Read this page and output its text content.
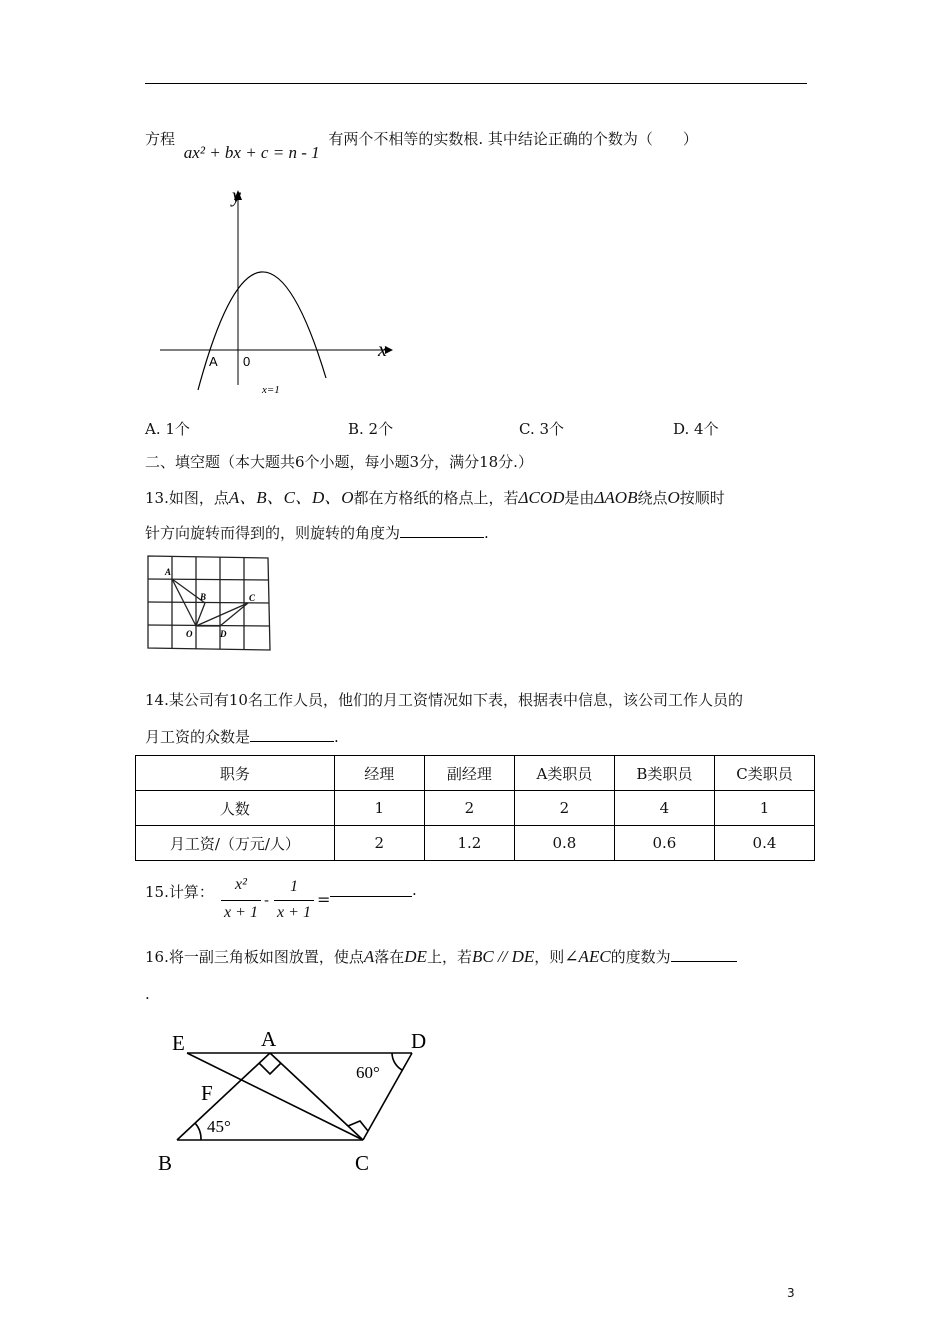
方程 ax² + bx + c = n - 1 有两个不相等的实数根. 其中结论正确的个数为（　　）
y
x
A 0
x=1
A. 1个	B. 2个	C. 3个	D. 4个
二、填空题（本大题共6个小题，每小题3分，满分18分.）
13.如图，点A、B、C、D、O都在方格纸的格点上，若ΔCOD是由ΔAOB绕点O按顺时
针方向旋转而得到的，则旋转的角度为	.
A
B	C
O	D
14.某公司有10名工作人员，他们的月工资情况如下表，根据表中信息，该公司工作人员的
月工资的众数是	.
职务	经理	副经理	A类职员	B类职员	C类职员
人数	1	2	2	4	1
月工资/（万元/人）	2	1.2	0.8	0.6	0.4
15.计算：	x²
x + 1
-
1
x + 1
=	.
16.将一副三角板如图放置，使点A落在DE上，若BC // DE，则∠AEC的度数为
.
E	A	D
F
B	C
60°
45°
3
